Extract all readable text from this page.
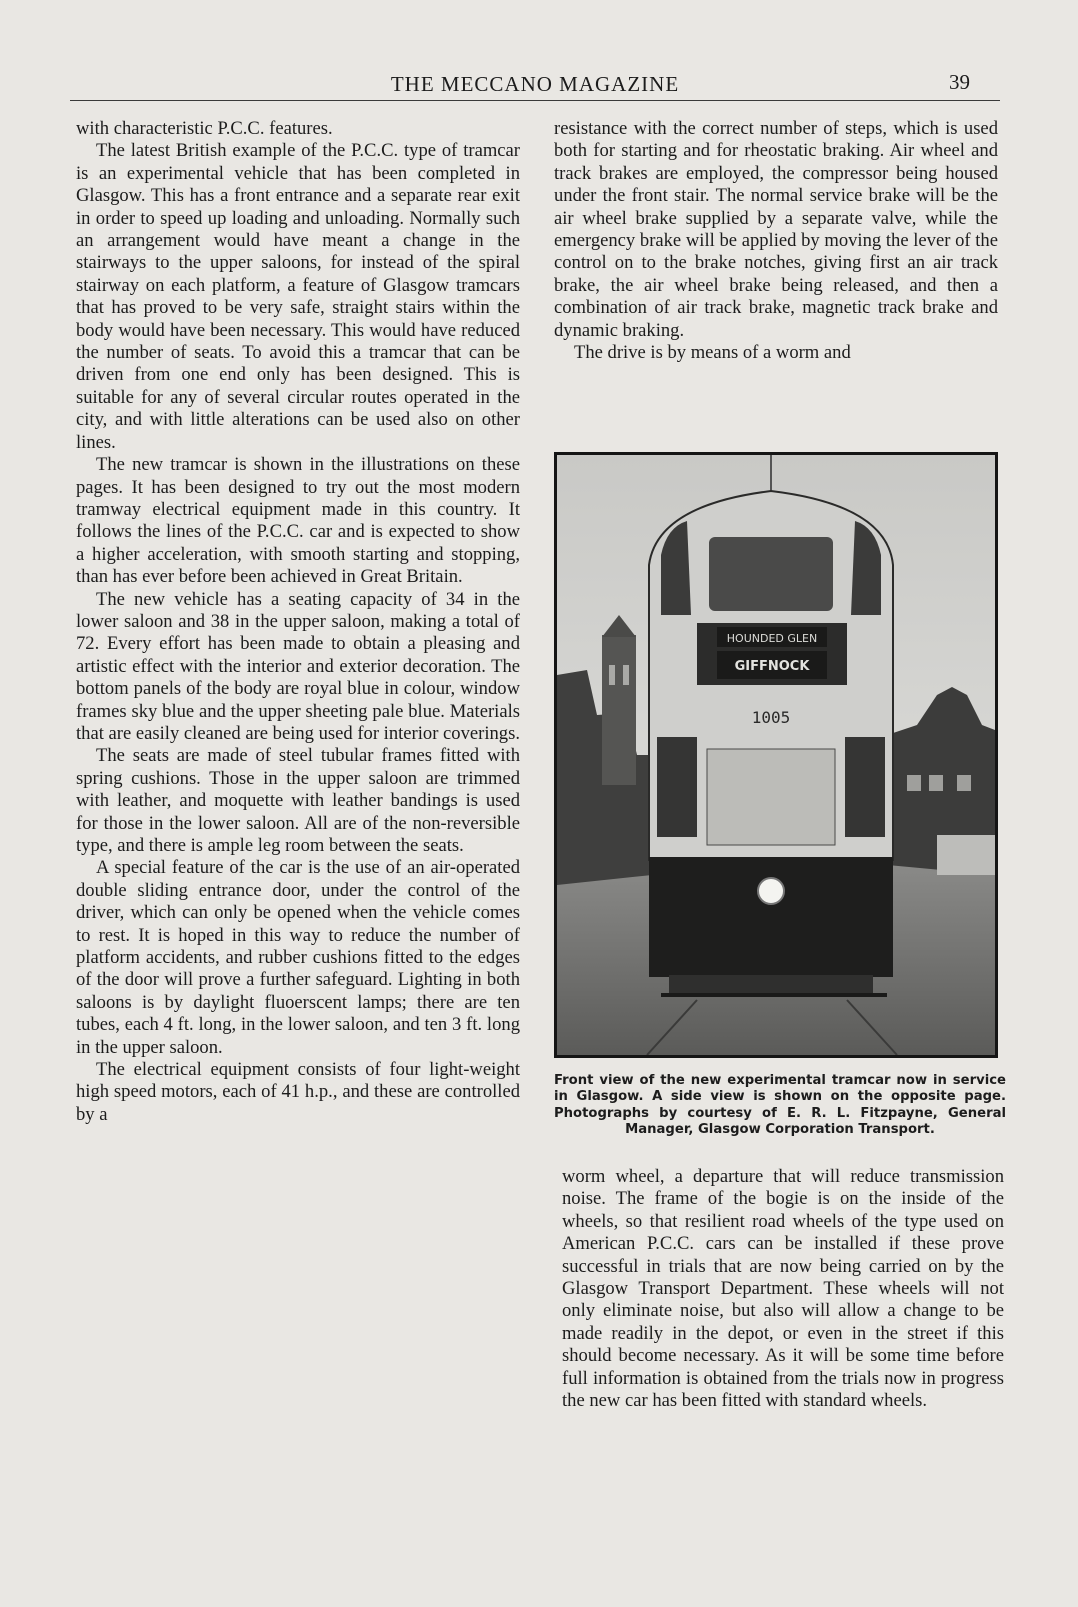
THE MECCANO MAGAZINE	39

with characteristic P.C.C. features.

The latest British example of the P.C.C. type of tramcar is an experimental vehicle that has been completed in Glasgow. This has a front entrance and a separate rear exit in order to speed up loading and unloading. Normally such an arrangement would have meant a change in the stairways to the upper saloons, for instead of the spiral stairway on each platform, a feature of Glasgow tramcars that has proved to be very safe, straight stairs within the body would have been necessary. This would have reduced the number of seats. To avoid this a tramcar that can be driven from one end only has been designed. This is suitable for any of several circular routes operated in the city, and with little alterations can be used also on other lines.

The new tramcar is shown in the illustrations on these pages. It has been designed to try out the most modern tramway electrical equipment made in this country. It follows the lines of the P.C.C. car and is expected to show a higher acceleration, with smooth starting and stopping, than has ever before been achieved in Great Britain.

The new vehicle has a seating capacity of 34 in the lower saloon and 38 in the upper saloon, making a total of 72. Every effort has been made to obtain a pleasing and artistic effect with the interior and exterior decoration. The bottom panels of the body are royal blue in colour, window frames sky blue and the upper sheeting pale blue. Materials that are easily cleaned are being used for interior coverings.

The seats are made of steel tubular frames fitted with spring cushions. Those in the upper saloon are trimmed with leather, and moquette with leather bandings is used for those in the lower saloon. All are of the non-reversible type, and there is ample leg room between the seats.

A special feature of the car is the use of an air-operated double sliding entrance door, under the control of the driver, which can only be opened when the vehicle comes to rest. It is hoped in this way to reduce the number of platform accidents, and rubber cushions fitted to the edges of the door will prove a further safeguard. Lighting in both saloons is by daylight fluoerscent lamps; there are ten tubes, each 4 ft. long, in the lower saloon, and ten 3 ft. long in the upper saloon.

The electrical equipment consists of four light-weight high speed motors, each of 41 h.p., and these are controlled by a

resistance with the correct number of steps, which is used both for starting and for rheostatic braking. Air wheel and track brakes are employed, the compressor being housed under the front stair. The normal service brake will be the air wheel brake supplied by a separate valve, while the emergency brake will be applied by moving the lever of the control on to the brake notches, giving first an air track brake, the air wheel brake being released, and then a combination of air track brake, magnetic track brake and dynamic braking.

The drive is by means of a worm and

HOUNDED GLEN
GIFFNOCK
1005
Front view of the new experimental tramcar now in service in Glasgow. A side view is shown on the opposite page. Photographs by courtesy of E. R. L. Fitzpayne, General Manager, Glasgow Corporation Transport.

worm wheel, a departure that will reduce transmission noise. The frame of the bogie is on the inside of the wheels, so that resilient road wheels of the type used on American P.C.C. cars can be installed if these prove successful in trials that are now being carried on by the Glasgow Transport Department. These wheels will not only eliminate noise, but also will allow a change to be made readily in the depot, or even in the street if this should become necessary. As it will be some time before full information is obtained from the trials now in progress the new car has been fitted with standard wheels.
